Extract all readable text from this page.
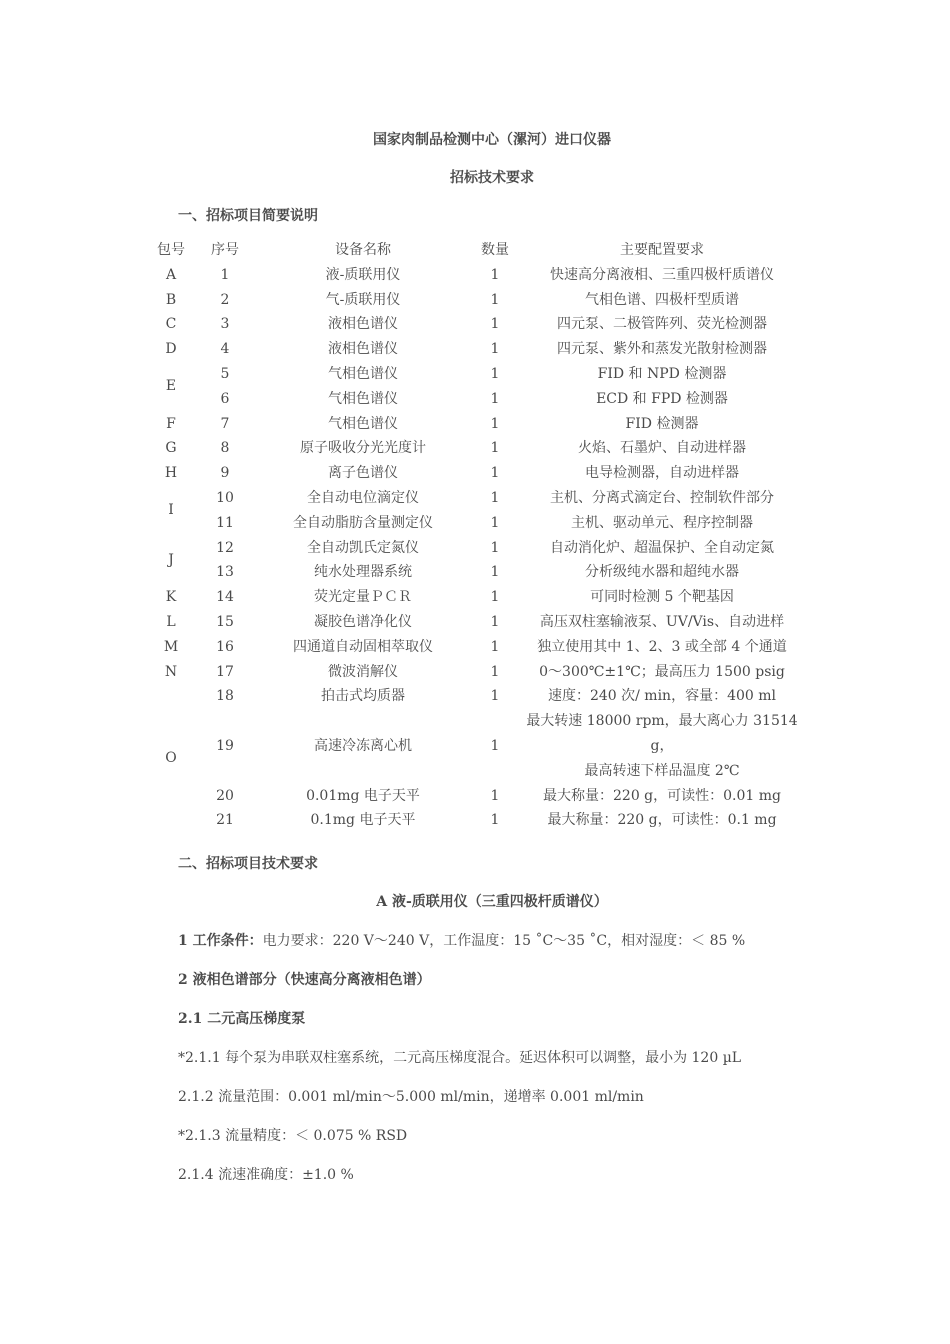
国家肉制品检测中心（漯河）进口仪器
招标技术要求
一、招标项目简要说明
包号	序号	设备名称	数量	主要配置要求
A	1	液-质联用仪	1	快速高分离液相、三重四极杆质谱仪
B	2	气-质联用仪	1	气相色谱、四极杆型质谱
C	3	液相色谱仪	1	四元泵、二极管阵列、荧光检测器
D	4	液相色谱仪	1	四元泵、紫外和蒸发光散射检测器
E	5	气相色谱仪	1	FID 和 NPD 检测器
	6	气相色谱仪	1	ECD 和 FPD 检测器
F	7	气相色谱仪	1	FID 检测器
G	8	原子吸收分光光度计	1	火焰、石墨炉、自动进样器
H	9	离子色谱仪	1	电导检测器，自动进样器
I	10	全自动电位滴定仪	1	主机、分离式滴定台、控制软件部分
	11	全自动脂肪含量测定仪	1	主机、驱动单元、程序控制器
J	12	全自动凯氏定氮仪	1	自动消化炉、超温保护、全自动定氮
	13	纯水处理器系统	1	分析级纯水器和超纯水器
K	14	荧光定量ＰＣＲ	1	可同时检测 5 个靶基因
L	15	凝胶色谱净化仪	1	高压双柱塞输液泵、UV/Vis、自动进样
M	16	四通道自动固相萃取仪	1	独立使用其中 1、2、3 或全部 4 个通道
N	17	微波消解仪	1	0～300℃±1℃；最高压力 1500 psig
O	18	拍击式均质器	1	速度：240 次/ min，容量：400 ml
	19	高速冷冻离心机	1	最大转速 18000 rpm，最大离心力 31514 g，
最高转速下样品温度 2℃

	20	0.01mg 电子天平	1	最大称量：220 g，可读性：0.01 mg
	21	0.1mg 电子天平	1	最大称量：220 g，可读性：0.1 mg
二、招标项目技术要求
A 液-质联用仪（三重四极杆质谱仪）
1 工作条件：电力要求：220 V～240 V，工作温度：15 ˚C～35 ˚C，相对湿度：＜ 85 %
2 液相色谱部分（快速高分离液相色谱）
2.1 二元高压梯度泵
*2.1.1 每个泵为串联双柱塞系统，二元高压梯度混合。延迟体积可以调整，最小为 120 µL
2.1.2 流量范围：0.001 ml/min～5.000 ml/min，递增率 0.001 ml/min
*2.1.3 流量精度：＜ 0.075 % RSD
2.1.4 流速准确度：±1.0 %
